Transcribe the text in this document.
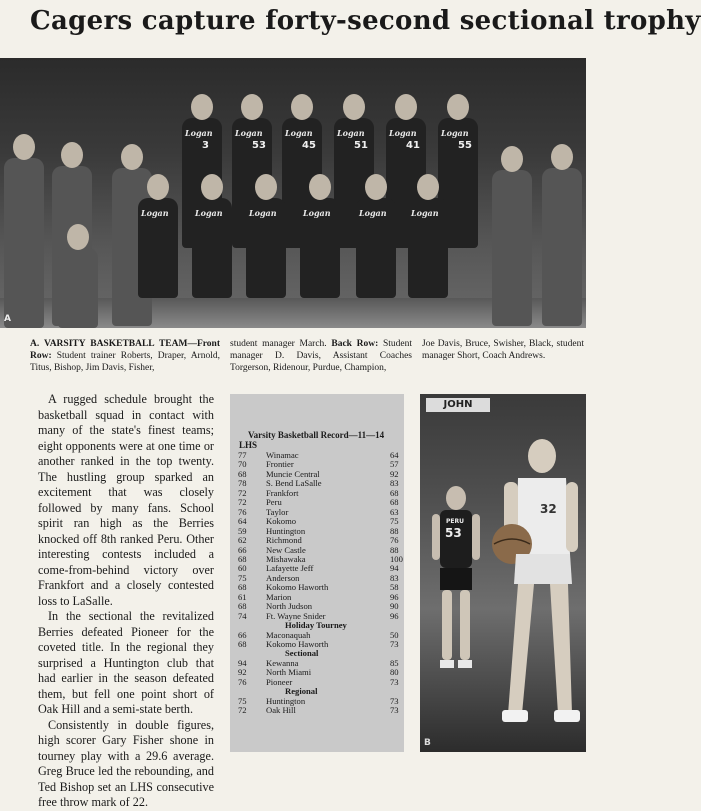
Cagers capture forty-second sectional trophy
Logan
3
Logan
53
Logan
45
Logan
51
Logan
41
Logan
55
Logan	Logan	Logan	Logan	Logan	Logan
A
A. VARSITY BASKETBALL TEAM—Front Row: Student trainer Roberts, Draper, Arnold, Titus, Bishop, Jim Davis, Fisher,
student manager March. Back Row: Student manager D. Davis, Assistant Coaches Torgerson, Ridenour, Purdue, Champion,
Joe Davis, Bruce, Swisher, Black, student manager Short, Coach Andrews.

A rugged schedule brought the basketball squad in contact with many of the state's finest teams; eight opponents were at one time or another ranked in the top twenty. The hustling group sparked an excitement that was closely followed by many fans. School spirit ran high as the Berries knocked off 8th ranked Peru. Other interesting contests included a come-from-behind victory over Frankfort and a closely contested loss to LaSalle.

In the sectional the revitalized Berries defeated Pioneer for the coveted title. In the regional they surprised a Huntington club that had earlier in the season defeated them, but fell one point short of Oak Hill and a semi-state berth.

Consistently in double figures, high scorer Gary Fisher shone in tourney play with a 29.6 average. Greg Bruce led the rebounding, and Ted Bishop set an LHS consecutive free throw mark of 22.

Varsity Basketball Record—11—14
LHS
77 Winamac	64
70 Frontier	57
68 Muncie Central	92
78 S. Bend LaSalle	83
72 Frankfort	68
72 Peru	68
76 Taylor	63
64 Kokomo	75
59 Huntington	88
62 Richmond	76
66 New Castle	88
68 Mishawaka	100
60 Lafayette Jeff	94
75 Anderson	83
68 Kokomo Haworth	58
61 Marion	96
68 North Judson	90
74 Ft. Wayne Snider	96
Holiday Tourney
66 Maconaquah	50
68 Kokomo Haworth	73
Sectional
94 Kewanna	85
92 North Miami	80
76 Pioneer	73
Regional
75 Huntington	73
72 Oak Hill	73
JOHN
PERU
53
32
B
